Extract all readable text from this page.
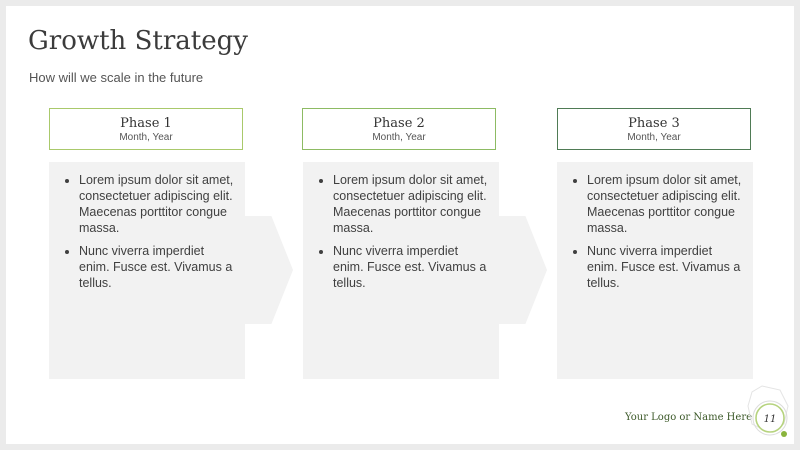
Growth Strategy
How will we scale in the future
Phase 1
Month, Year
Phase 2
Month, Year
Phase 3
Month, Year
• Lorem ipsum dolor sit amet, consectetuer adipiscing elit. Maecenas porttitor congue massa.
• Nunc viverra imperdiet enim. Fusce est. Vivamus a tellus.
• Lorem ipsum dolor sit amet, consectetuer adipiscing elit. Maecenas porttitor congue massa.
• Nunc viverra imperdiet enim. Fusce est. Vivamus a tellus.
• Lorem ipsum dolor sit amet, consectetuer adipiscing elit. Maecenas porttitor congue massa.
• Nunc viverra imperdiet enim. Fusce est. Vivamus a tellus.
Your Logo or Name Here 11
